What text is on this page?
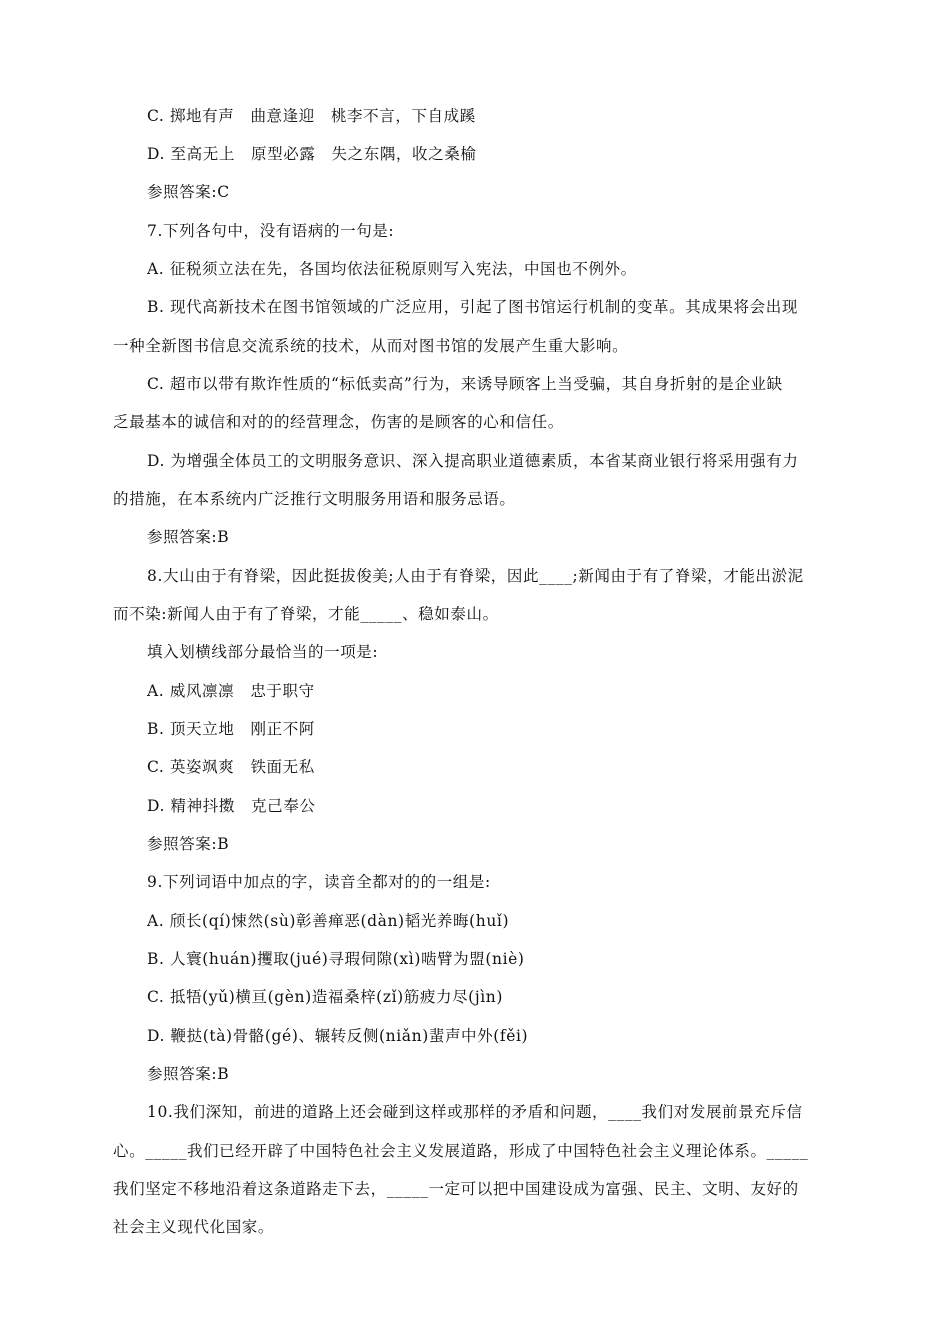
C. 掷地有声　曲意逢迎　桃李不言，下自成蹊
D. 至高无上　原型必露　失之东隅，收之桑榆
参照答案:C
7.下列各句中，没有语病的一句是:
A. 征税须立法在先，各国均依法征税原则写入宪法，中国也不例外。
B. 现代高新技术在图书馆领域的广泛应用，引起了图书馆运行机制的变革。其成果将会出现
一种全新图书信息交流系统的技术，从而对图书馆的发展产生重大影响。
C. 超市以带有欺诈性质的“标低卖高”行为，来诱导顾客上当受骗，其自身折射的是企业缺
乏最基本的诚信和对的的经营理念，伤害的是顾客的心和信任。
D. 为增强全体员工的文明服务意识、深入提高职业道德素质，本省某商业银行将采用强有力
的措施，在本系统内广泛推行文明服务用语和服务忌语。
参照答案:B
8.大山由于有脊梁，因此挺拔俊美;人由于有脊梁，因此____;新闻由于有了脊梁，才能出淤泥
而不染:新闻人由于有了脊梁，才能_____、稳如泰山。
填入划横线部分最恰当的一项是:
A. 威风凛凛　忠于职守
B. 顶天立地　刚正不阿
C. 英姿飒爽　铁面无私
D. 精神抖擞　克己奉公
参照答案:B
9.下列词语中加点的字，读音全都对的的一组是:
A. 颀长(qí)悚然(sù)彰善瘅恶(dàn)韬光养晦(huǐ)
B. 人寰(huán)攫取(jué)寻瑕伺隙(xì)啮臂为盟(niè)
C. 抵牾(yǔ)横亘(gèn)造福桑梓(zǐ)筋疲力尽(jìn)
D. 鞭挞(tà)骨骼(gé)、辗转反侧(niǎn)蜚声中外(fěi)
参照答案:B
10.我们深知，前进的道路上还会碰到这样或那样的矛盾和问题，____我们对发展前景充斥信
心。_____我们已经开辟了中国特色社会主义发展道路，形成了中国特色社会主义理论体系。_____
我们坚定不移地沿着这条道路走下去，_____一定可以把中国建设成为富强、民主、文明、友好的
社会主义现代化国家。
